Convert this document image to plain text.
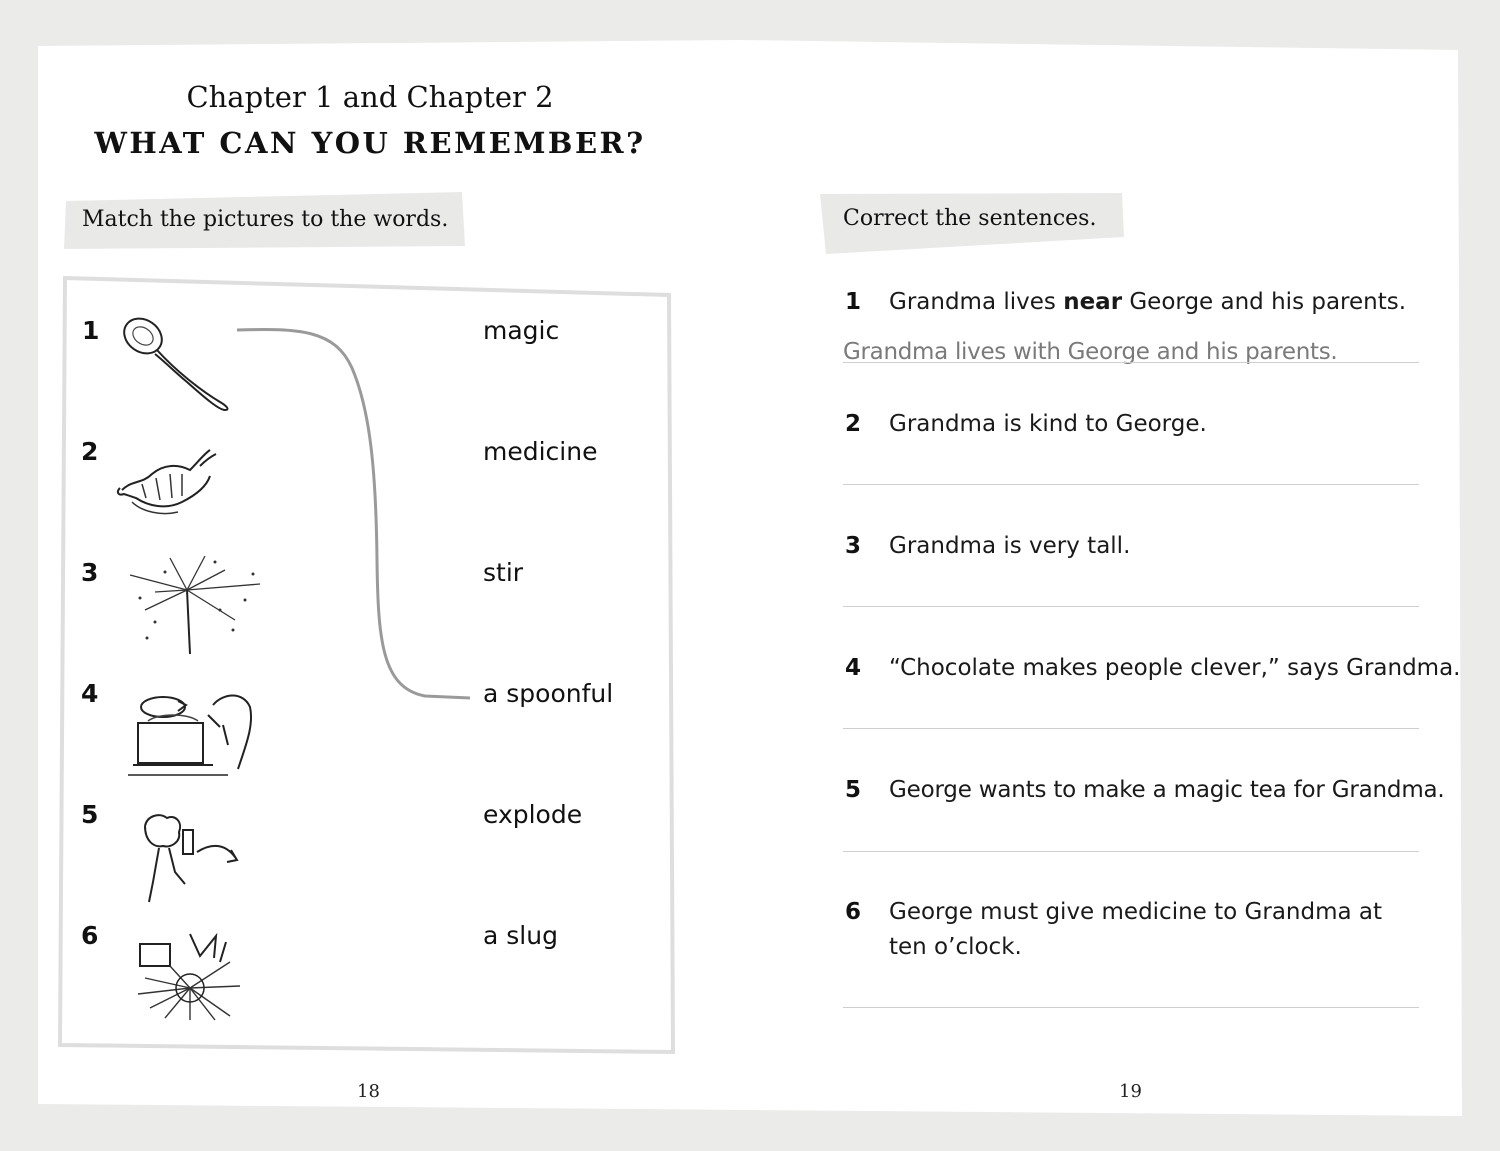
Chapter 1 and Chapter 2
WHAT CAN YOU REMEMBER?
Match the pictures to the words.
1
2
3
4
5
6
magic
medicine
stir
a spoonful
explode
a slug
18
Correct the sentences.
1 Grandma lives near George and his parents.
Grandma lives with George and his parents.
2 Grandma is kind to George.
3 Grandma is very tall.
4 “Chocolate makes people clever,” says Grandma.
5 George wants to make a magic tea for Grandma.
6 George must give medicine to Grandma at
ten o’clock.
19
